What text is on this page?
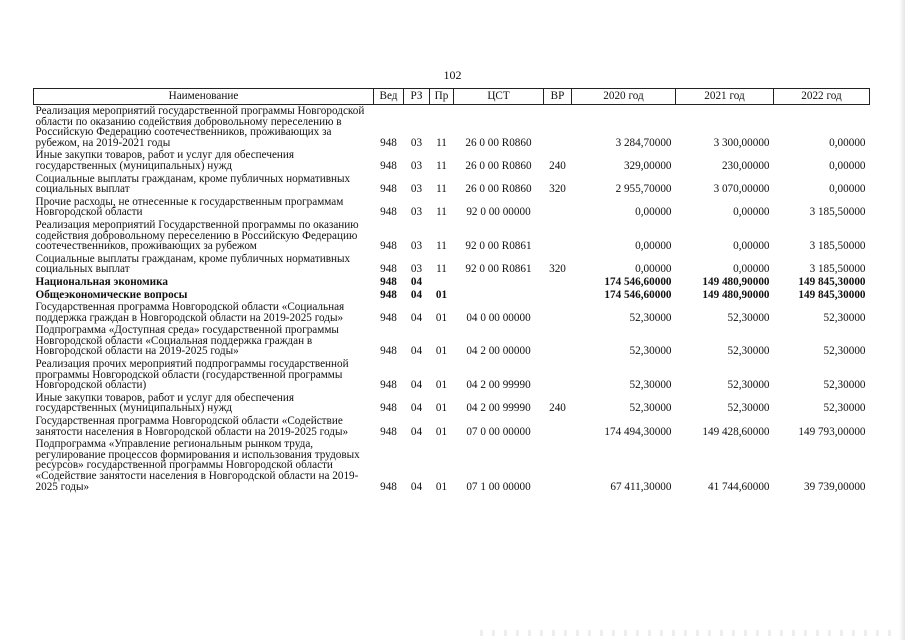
102
Наименование	Вед	РЗ	Пр	ЦСТ	ВР	2020 год	2021 год	2022 год
Реализация мероприятий государственной программы Новгородской области по оказанию содействия добровольному переселению в Российскую Федерацию соотечественников, проживающих за рубежом, на 2019-2021 годы	948	03	11	26 0 00 R0860		3 284,70000	3 300,00000	0,00000
Иные закупки товаров, работ и услуг для обеспечения государственных (муниципальных) нужд	948	03	11	26 0 00 R0860	240	329,00000	230,00000	0,00000
Социальные выплаты гражданам, кроме публичных нормативных социальных выплат	948	03	11	26 0 00 R0860	320	2 955,70000	3 070,00000	0,00000
Прочие расходы, не отнесенные к государственным программам Новгородской области	948	03	11	92 0 00 00000		0,00000	0,00000	3 185,50000
Реализация мероприятий Государственной программы по оказанию содействия добровольному переселению в Российскую Федерацию соотечественников, проживающих за рубежом	948	03	11	92 0 00 R0861		0,00000	0,00000	3 185,50000
Социальные выплаты гражданам, кроме публичных нормативных социальных выплат	948	03	11	92 0 00 R0861	320	0,00000	0,00000	3 185,50000
Национальная экономика	948	04				174 546,60000	149 480,90000	149 845,30000
Общеэкономические вопросы	948	04	01			174 546,60000	149 480,90000	149 845,30000
Государственная программа Новгородской области «Социальная поддержка граждан в Новгородской области на 2019-2025 годы»	948	04	01	04 0 00 00000		52,30000	52,30000	52,30000
Подпрограмма «Доступная среда» государственной программы Новгородской области «Социальная поддержка граждан в Новгородской области на 2019-2025 годы»	948	04	01	04 2 00 00000		52,30000	52,30000	52,30000
Реализация прочих мероприятий подпрограммы государственной программы Новгородской области (государственной программы Новгородской области)	948	04	01	04 2 00 99990		52,30000	52,30000	52,30000
Иные закупки товаров, работ и услуг для обеспечения государственных (муниципальных) нужд	948	04	01	04 2 00 99990	240	52,30000	52,30000	52,30000
Государственная программа Новгородской области «Содействие занятости населения в Новгородской области на 2019-2025 годы»	948	04	01	07 0 00 00000		174 494,30000	149 428,60000	149 793,00000
Подпрограмма «Управление региональным рынком труда, регулирование процессов формирования и использования трудовых ресурсов» государственной программы Новгородской области «Содействие занятости населения в Новгородской области на 2019-2025 годы»	948	04	01	07 1 00 00000		67 411,30000	41 744,60000	39 739,00000
